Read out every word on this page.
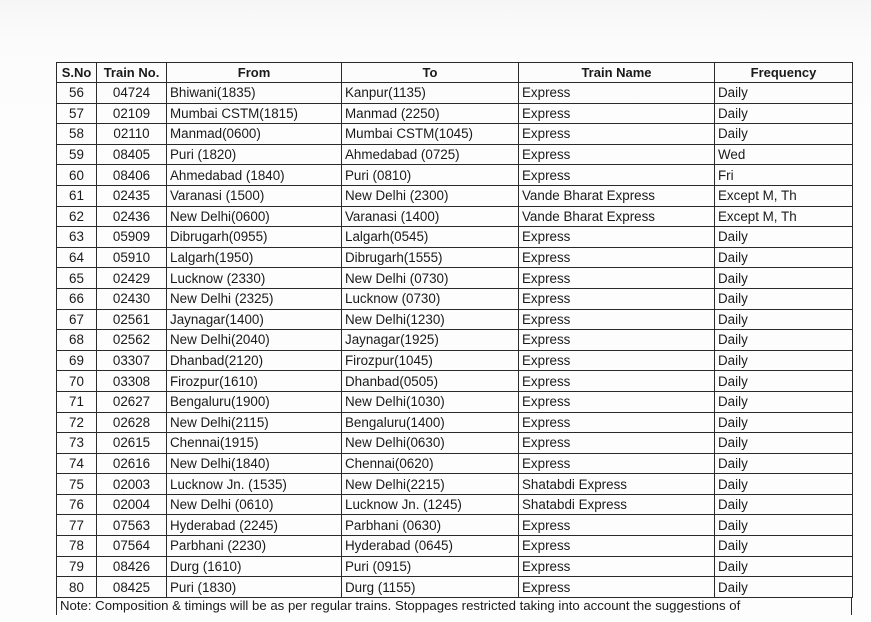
S.No	Train No.	From	To	Train Name	Frequency
56	04724	Bhiwani(1835)	Kanpur(1135)	Express	Daily
57	02109	Mumbai CSTM(1815)	Manmad (2250)	Express	Daily
58	02110	Manmad(0600)	Mumbai CSTM(1045)	Express	Daily
59	08405	Puri (1820)	Ahmedabad (0725)	Express	Wed
60	08406	Ahmedabad (1840)	Puri (0810)	Express	Fri
61	02435	Varanasi (1500)	New Delhi (2300)	Vande Bharat Express	Except M, Th
62	02436	New Delhi(0600)	Varanasi (1400)	Vande Bharat Express	Except M, Th
63	05909	Dibrugarh(0955)	Lalgarh(0545)	Express	Daily
64	05910	Lalgarh(1950)	Dibrugarh(1555)	Express	Daily
65	02429	Lucknow (2330)	New Delhi (0730)	Express	Daily
66	02430	New Delhi (2325)	Lucknow (0730)	Express	Daily
67	02561	Jaynagar(1400)	New Delhi(1230)	Express	Daily
68	02562	New Delhi(2040)	Jaynagar(1925)	Express	Daily
69	03307	Dhanbad(2120)	Firozpur(1045)	Express	Daily
70	03308	Firozpur(1610)	Dhanbad(0505)	Express	Daily
71	02627	Bengaluru(1900)	New Delhi(1030)	Express	Daily
72	02628	New Delhi(2115)	Bengaluru(1400)	Express	Daily
73	02615	Chennai(1915)	New Delhi(0630)	Express	Daily
74	02616	New Delhi(1840)	Chennai(0620)	Express	Daily
75	02003	Lucknow Jn. (1535)	New Delhi(2215)	Shatabdi Express	Daily
76	02004	New Delhi (0610)	Lucknow Jn. (1245)	Shatabdi Express	Daily
77	07563	Hyderabad (2245)	Parbhani (0630)	Express	Daily
78	07564	Parbhani (2230)	Hyderabad (0645)	Express	Daily
79	08426	Durg (1610)	Puri (0915)	Express	Daily
80	08425	Puri (1830)	Durg (1155)	Express	Daily
Note: Composition & timings will be as per regular trains. Stoppages restricted taking into account the suggestions of
